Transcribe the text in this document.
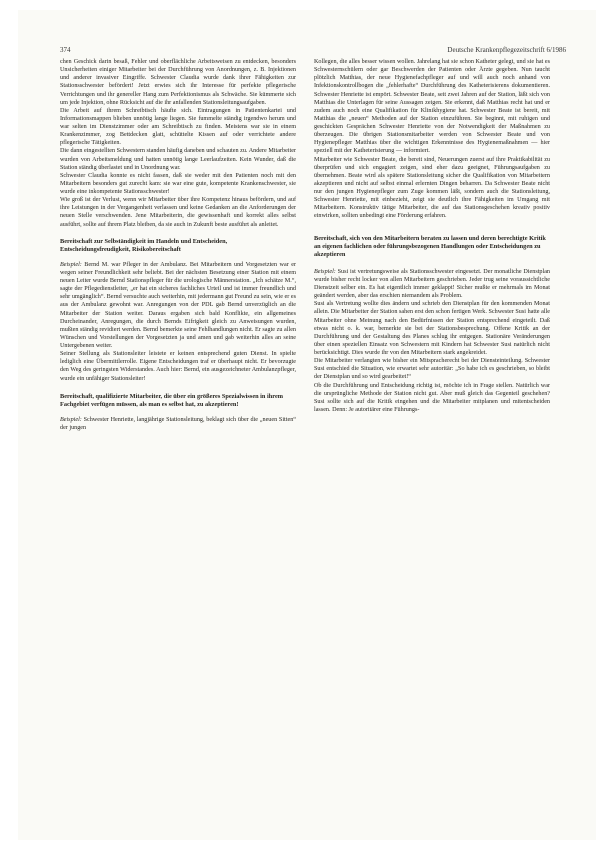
374	Deutsche Krankenpflegezeitschrift 6/1986

chen Geschick darin besaß, Fehler und oberflächliche Arbeitsweisen zu entdecken, besonders Unsicherheiten einiger Mitarbeiter bei der Durchführung von Anordnungen, z. B. Injektionen und anderer invasiver Eingriffe. Schwester Claudia wurde dank ihrer Fähigkeiten zur Stationsschwester befördert! Jetzt erwies sich ihr Interesse für perfekte pflegerische Verrichtungen und ihr genereller Hang zum Perfektionismus als Schwäche. Sie kümmerte sich um jede Injektion, ohne Rücksicht auf die ihr anfallenden Stationsleitungsaufgaben.

Die Arbeit auf ihrem Schreibtisch häufte sich. Eintragungen in Patientenkartei und Informationsmappen blieben unnötig lange liegen. Sie fummelte ständig irgendwo herum und war selten im Dienstzimmer oder am Schreibtisch zu finden. Meistens war sie in einem Krankenzimmer, zog Bettdecken glatt, schüttelte Kissen auf oder verrichtete andere pflegerische Tätigkeiten.

Die dann eingestellten Schwestern standen häufig daneben und schauten zu. Andere Mitarbeiter wurden von Arbeitsmeldung und hatten unnötig lange Leerlaufzeiten. Kein Wunder, daß die Station ständig überlastet und in Unordnung war.

Schwester Claudia konnte es nicht fassen, daß sie weder mit den Patienten noch mit den Mitarbeitern besonders gut zurecht kam: sie war eine gute, kompetente Krankenschwester, sie wurde eine inkompetente Stationsschwester!

Wie groß ist der Verlust, wenn wir Mitarbeiter über ihre Kompetenz hinaus befördern, und auf ihre Leistungen in der Vergangenheit verlassen und keine Gedanken an die Anforderungen der neuen Stelle verschwenden. Jene Mitarbeiterin, die gewissenhaft und korrekt alles selbst ausführt, sollte auf ihrem Platz bleiben, da sie auch in Zukunft beste ausführt als anleitet.

Bereitschaft zur Selbständigkeit im Handeln und Entscheiden, Entscheidungsfreudigkeit, Risikobereitschaft

Beispiel: Bernd M. war Pfleger in der Ambulanz. Bei Mitarbeitern und Vorgesetzten war er wegen seiner Freundlichkeit sehr beliebt. Bei der nächsten Besetzung einer Station mit einem neuen Leiter wurde Bernd Stationspfleger für die urologische Männerstation. „Ich schätze M.“, sagte der Pflegedienstleiter, „er hat ein sicheres fachliches Urteil und ist immer freundlich und sehr umgänglich“. Bernd versuchte auch weiterhin, mit jedermann gut Freund zu sein, wie er es aus der Ambulanz gewohnt war. Anregungen von der PDL gab Bernd unverzüglich an die Mitarbeiter der Station weiter. Daraus ergaben sich bald Konflikte, ein allgemeines Durcheinander, Anregungen, die durch Bernds Eifrigkeit gleich zu Anweisungen wurden, mußten ständig revidiert werden. Bernd bemerkte seine Fehlhandlungen nicht. Er sagte zu allen Wünschen und Vorstellungen der Vorgesetzten ja und amen und gab weiterhin alles an seine Untergebenen weiter.

Seiner Stellung als Stationsleiter leistete er keinen entsprechend guten Dienst. In spielte lediglich eine Übermittlerrolle. Eigene Entscheidungen traf er überhaupt nicht. Er bevorzugte den Weg des geringsten Widerstandes. Auch hier: Bernd, ein ausgezeichneter Ambulanzpfleger, wurde ein unfähiger Stationsleiter!

Bereitschaft, qualifizierte Mitarbeiter, die über ein größeres Spezialwissen in ihrem Fachgebiet verfügen müssen, als man es selbst hat, zu akzeptieren!

Beispiel: Schwester Henriette, langjährige Stationsleitung, beklagt sich über die „neuen Sitten“ der jungen

Kollegen, die alles besser wissen wollen. Jahrelang hat sie schon Katheter gelegt, und sie hat es Schwesternschülern oder gar Beschwerden der Patienten oder Ärzte gegeben. Nun taucht plötzlich Matthias, der neue Hygienefachpfleger auf und will auch noch anhand von Infektionskontrollbogen die „fehlerhafte“ Durchführung des Katheterisierens dokumentieren. Schwester Henriette ist empört. Schwester Beate, seit zwei Jahren auf der Station, läßt sich von Matthias die Unterlagen für seine Aussagen zeigen. Sie erkennt, daß Matthias recht hat und er zudem auch noch eine Qualifikation für Klinikhygiene hat. Schwester Beate ist bereit, mit Matthias die „neuen“ Methoden auf der Station einzuführen. Sie beginnt, mit ruhigen und geschickten Gesprächen Schwester Henriette von der Notwendigkeit der Maßnahmen zu überzeugen. Die übrigen Stationsmitarbeiter werden von Schwester Beate und von Hygienepfleger Matthias über die wichtigen Erkenntnisse des Hygienemaßnahmen — hier speziell mit der Katheterisierung — informiert.

Mitarbeiter wie Schwester Beate, die bereit sind, Neuerungen zuerst auf ihre Praktikabilität zu überprüfen und sich engagiert zeigen, sind eher dazu geeignet, Führungsaufgaben zu übernehmen. Beate wird als spätere Stationsleitung sicher die Qualifikation von Mitarbeitern akzeptieren und nicht auf selbst einmal erlernten Dingen beharren. Da Schwester Beate nicht nur den jungen Hygienepfleger zum Zuge kommen läßt, sondern auch die Stationsleitung, Schwester Henriette, mit einbezieht, zeigt sie deutlich ihre Fähigkeiten im Umgang mit Mitarbeitern. Konstruktiv tätige Mitarbeiter, die auf das Stationsgeschehen kreativ positiv einwirken, sollten unbedingt eine Förderung erfahren.

Bereitschaft, sich von den Mitarbeitern beraten zu lassen und deren berechtigte Kritik an eigenen fachlichen oder führungsbezogenen Handlungen oder Entscheidungen zu akzeptieren

Beispiel: Susi ist vertretungsweise als Stationsschwester eingesetzt. Der monatliche Dienstplan wurde bisher recht locker von allen Mitarbeitern geschrieben. Jeder trug seine voraussichtliche Dienstzeit selber ein. Es hat eigentlich immer geklappt! Sicher mußte er mehrmals im Monat geändert werden, aber das erschien niemandem als Problem.

Susi als Vertretung wollte dies ändern und schrieb den Dienstplan für den kommenden Monat allein. Die Mitarbeiter der Station sahen erst den schon fertigen Werk. Schwester Susi hatte alle Mitarbeiter ohne Meinung nach den Bedürfnissen der Station entsprechend eingeteilt. Daß etwas nicht o. k. war, bemerkte sie bei der Stationsbesprechung. Offene Kritik an der Durchführung und der Gestaltung des Planes schlug ihr entgegen. Stationäre Veränderungen über einen speziellen Einsatz von Schwestern mit Kindern hat Schwester Susi natürlich nicht berücksichtigt. Dies wurde ihr von den Mitarbeitern stark angekreidet.

Die Mitarbeiter verlangten wie bisher ein Mitspracherecht bei der Diensteinteilung. Schwester Susi entschied die Situation, wie erwartet sehr autoritär: „So habe ich es geschrieben, so bleibt der Dienstplan und so wird gearbeitet!“

Ob die Durchführung und Entscheidung richtig ist, möchte ich in Frage stellen. Natürlich war die ursprüngliche Methode der Station nicht gut. Aber muß gleich das Gegenteil geschehen? Susi sollte sich auf die Kritik eingehen und die Mitarbeiter mitplanen und mitentscheiden lassen. Denn: Je autoritärer eine Führungs-
